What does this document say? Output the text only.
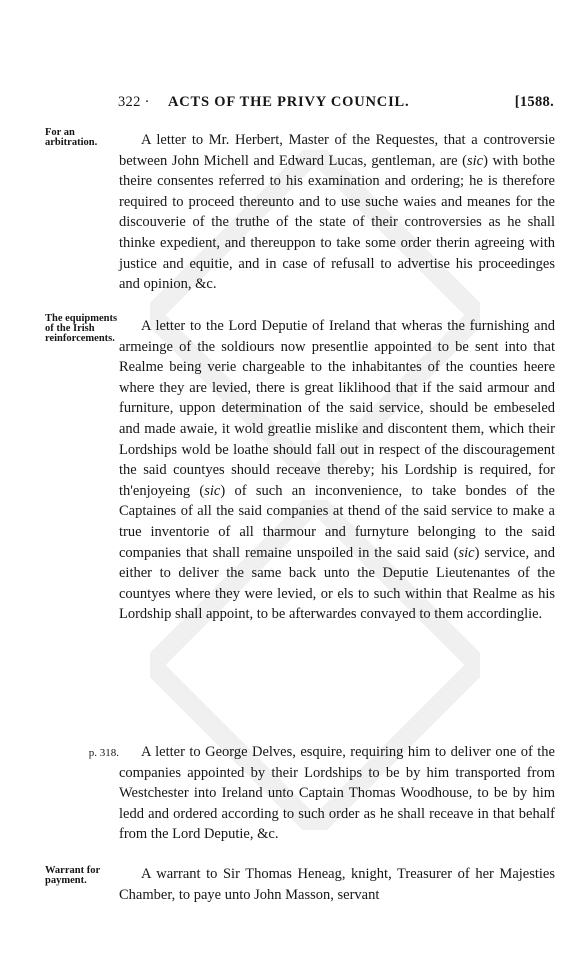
322 · ACTS OF THE PRIVY COUNCIL.	[1588.
For an arbitration.	A letter to Mr. Herbert, Master of the Requestes, that a controversie between John Michell and Edward Lucas, gentleman, are (sic) with bothe theire consentes referred to his examination and ordering; he is therefore required to proceed thereunto and to use suche waies and meanes for the discouverie of the truthe of the state of their controversies as he shall thinke expedient, and thereuppon to take some order therin agreeing with justice and equitie, and in case of refusall to advertise his proceedinges and opinion, &c.

The equipments of the Irish reinforcements.

A letter to the Lord Deputie of Ireland that wheras the furnishing and armeinge of the soldiours now presentlie appointed to be sent into that Realme being verie chargeable to the inhabitantes of the counties heere where they are levied, there is great liklihood that if the said armour and furniture, uppon determination of the said service, should be embeseled and made awaie, it wold greatlie mislike and discontent them, which their Lordships wold be loathe should fall out in respect of the discouragement the said countyes should receave thereby; his Lordship is required, for th'enjoyeing (sic) of such an inconvenience, to take bondes of the Captaines of all the said companies at thend of the said service to make a true inventorie of all tharmour and furnyture belonging to the said companies that shall remaine unspoiled in the said said (sic) service, and either to deliver the same back unto the Deputie Lieutenantes of the countyes where they were levied, or els to such within that Realme as his Lordship shall appoint, to be afterwardes convayed to them accordinglie.

p. 318.	A letter to George Delves, esquire, requiring him to deliver one of the companies appointed by their Lordships to be by him transported from Westchester into Ireland unto Captain Thomas Woodhouse, to be by him ledd and ordered according to such order as he shall receave in that behalf from the Lord Deputie, &c.

Warrant for payment.	A warrant to Sir Thomas Heneag, knight, Treasurer of her Majesties Chamber, to paye unto John Masson, servant
